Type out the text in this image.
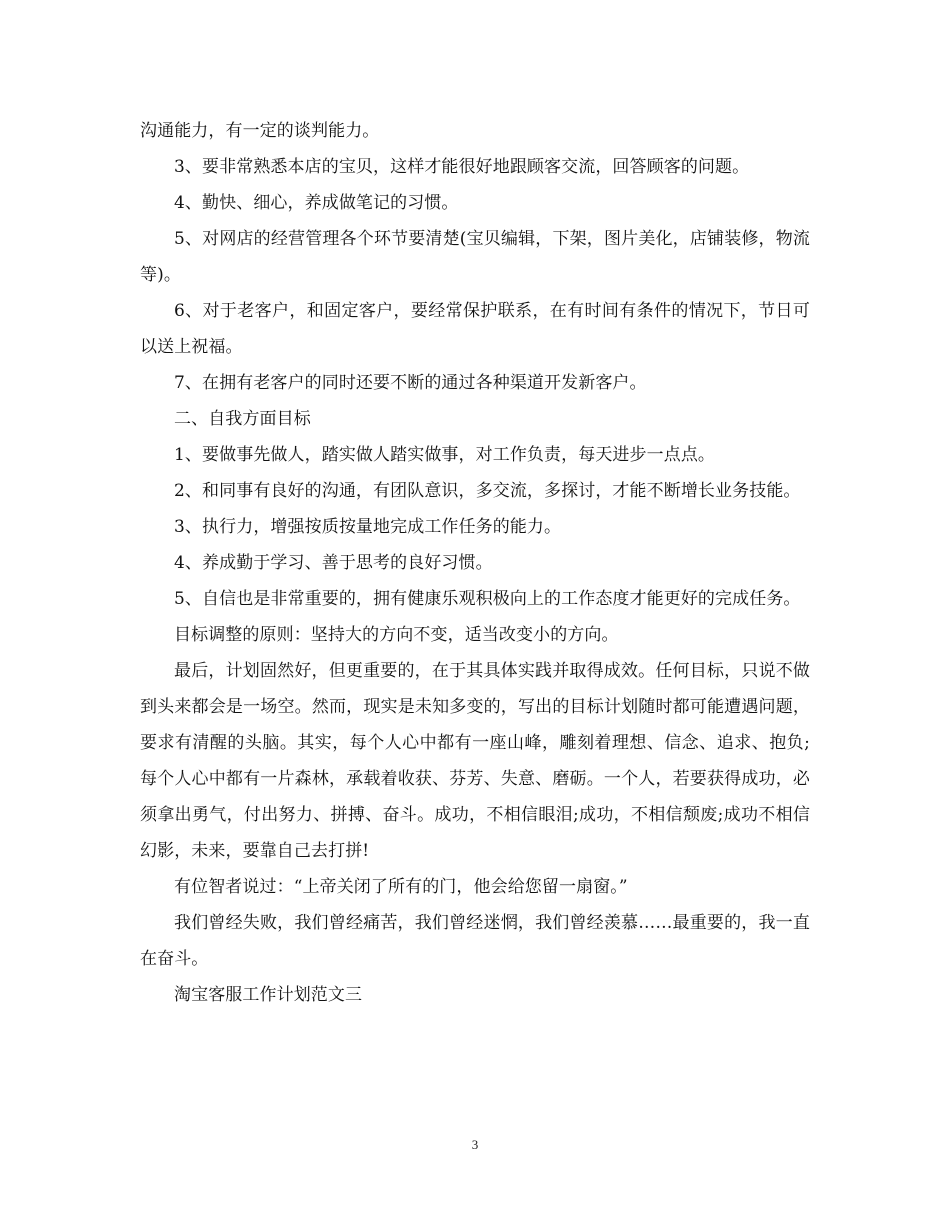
沟通能力，有一定的谈判能力。

3、要非常熟悉本店的宝贝，这样才能很好地跟顾客交流，回答顾客的问题。

4、勤快、细心，养成做笔记的习惯。

5、对网店的经营管理各个环节要清楚(宝贝编辑，下架，图片美化，店铺装修，物流等)。

6、对于老客户，和固定客户，要经常保护联系，在有时间有条件的情况下，节日可以送上祝福。

7、在拥有老客户的同时还要不断的通过各种渠道开发新客户。

二、自我方面目标

1、要做事先做人，踏实做人踏实做事，对工作负责，每天进步一点点。

2、和同事有良好的沟通，有团队意识，多交流，多探讨，才能不断增长业务技能。

3、执行力，增强按质按量地完成工作任务的能力。

4、养成勤于学习、善于思考的良好习惯。

5、自信也是非常重要的，拥有健康乐观积极向上的工作态度才能更好的完成任务。

目标调整的原则：坚持大的方向不变，适当改变小的方向。

最后，计划固然好，但更重要的，在于其具体实践并取得成效。任何目标，只说不做到头来都会是一场空。然而，现实是未知多变的，写出的目标计划随时都可能遭遇问题，要求有清醒的头脑。其实，每个人心中都有一座山峰，雕刻着理想、信念、追求、抱负;每个人心中都有一片森林，承载着收获、芬芳、失意、磨砺。一个人，若要获得成功，必须拿出勇气，付出努力、拼搏、奋斗。成功，不相信眼泪;成功，不相信颓废;成功不相信幻影，未来，要靠自己去打拼!

有位智者说过：“上帝关闭了所有的门，他会给您留一扇窗。”

我们曾经失败，我们曾经痛苦，我们曾经迷惘，我们曾经羡慕……最重要的，我一直在奋斗。

淘宝客服工作计划范文三

3
